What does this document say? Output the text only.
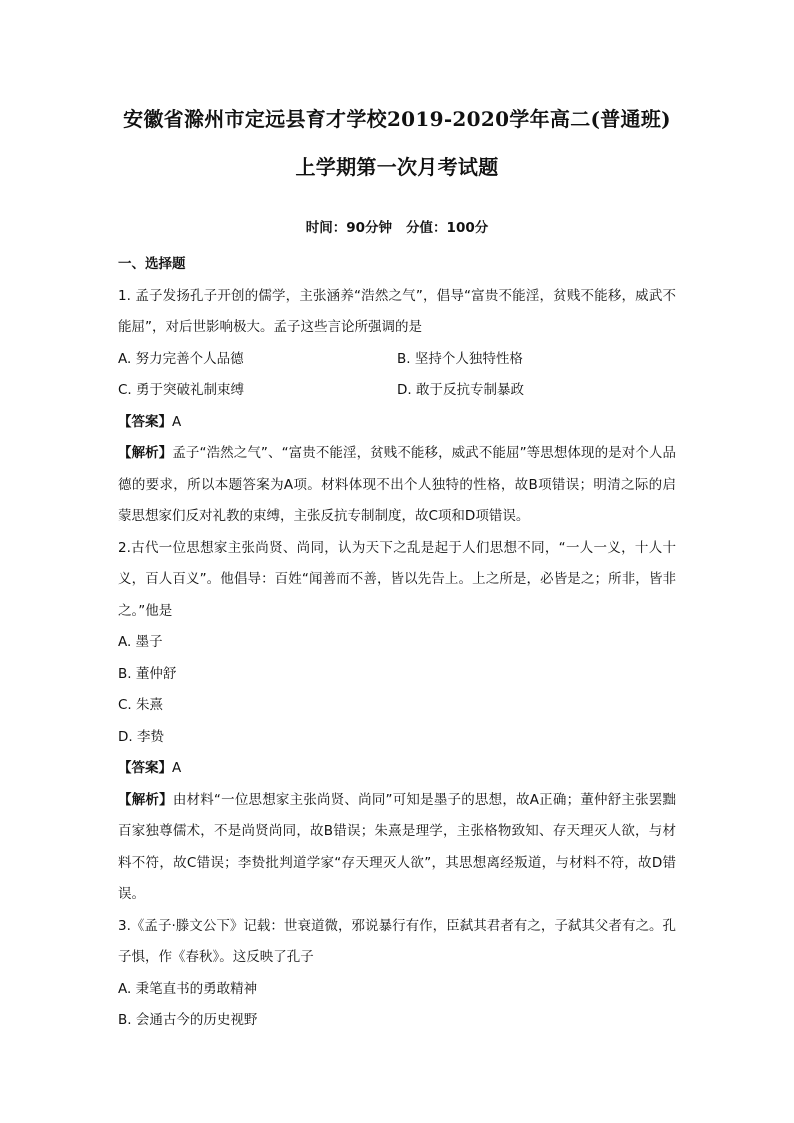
安徽省滁州市定远县育才学校2019-2020学年高二(普通班)
上学期第一次月考试题
时间：90分钟 分值：100分

一、选择题

1. 孟子发扬孔子开创的儒学，主张涵养“浩然之气”，倡导“富贵不能淫，贫贱不能移，威武不能屈”，对后世影响极大。孟子这些言论所强调的是

A. 努力完善个人品德	B. 坚持个人独特性格
C. 勇于突破礼制束缚	D. 敢于反抗专制暴政

【答案】A

【解析】孟子“浩然之气”、“富贵不能淫，贫贱不能移，威武不能屈”等思想体现的是对个人品德的要求，所以本题答案为A项。材料体现不出个人独特的性格，故B项错误；明清之际的启蒙思想家们反对礼教的束缚，主张反抗专制制度，故C项和D项错误。

2.古代一位思想家主张尚贤、尚同，认为天下之乱是起于人们思想不同，“一人一义，十人十义，百人百义”。他倡导：百姓“闻善而不善，皆以先告上。上之所是，必皆是之；所非，皆非之。”他是

A. 墨子

B. 董仲舒

C. 朱熹

D. 李贽

【答案】A

【解析】由材料“一位思想家主张尚贤、尚同”可知是墨子的思想，故A正确；董仲舒主张罢黜百家独尊儒术，不是尚贤尚同，故B错误；朱熹是理学，主张格物致知、存天理灭人欲，与材料不符，故C错误；李贽批判道学家“存天理灭人欲”，其思想离经叛道，与材料不符，故D错误。

3.《孟子·滕文公下》记载：世衰道微，邪说暴行有作，臣弑其君者有之，子弑其父者有之。孔子惧，作《春秋》。这反映了孔子

A. 秉笔直书的勇敢精神

B. 会通古今的历史视野
